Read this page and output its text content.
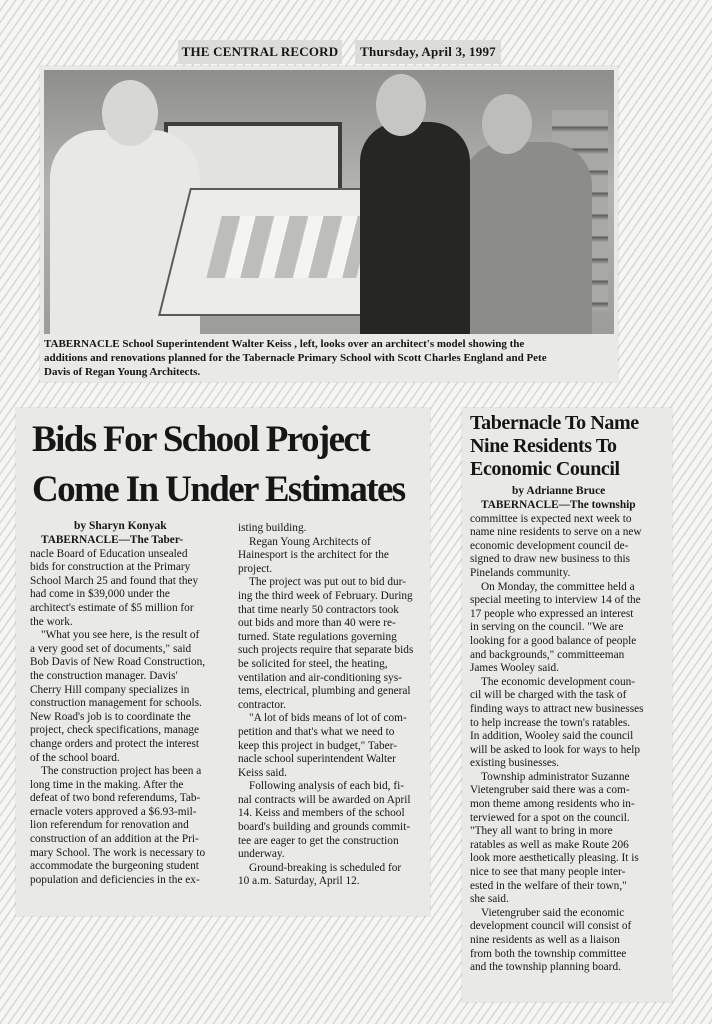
THE CENTRAL RECORD	Thursday, April 3, 1997
TABERNACLE School Superintendent Walter Keiss , left, looks over an architect's model showing the
additions and renovations planned for the Tabernacle Primary School with Scott Charles England and Pete
Davis of Regan Young Architects.
Bids For School Project
Come In Under Estimates
by Sharyn Konyak
TABERNACLE—The Taber-
nacle Board of Education unsealed
bids for construction at the Primary
School March 25 and found that they
had come in $39,000 under the
architect's estimate of $5 million for
the work.
"What you see here, is the result of
a very good set of documents," said
Bob Davis of New Road Construction,
the construction manager. Davis'
Cherry Hill company specializes in
construction management for schools.
New Road's job is to coordinate the
project, check specifications, manage
change orders and protect the interest
of the school board.
The construction project has been a
long time in the making. After the
defeat of two bond referendums, Tab-
ernacle voters approved a $6.93-mil-
lion referendum for renovation and
construction of an addition at the Pri-
mary School. The work is necessary to
accommodate the burgeoning student
population and deficiencies in the ex-
isting building.
Regan Young Architects of
Hainesport is the architect for the
project.
The project was put out to bid dur-
ing the third week of February. During
that time nearly 50 contractors took
out bids and more than 40 were re-
turned. State regulations governing
such projects require that separate bids
be solicited for steel, the heating,
ventilation and air-conditioning sys-
tems, electrical, plumbing and general
contractor.
"A lot of bids means of lot of com-
petition and that's what we need to
keep this project in budget," Taber-
nacle school superintendent Walter
Keiss said.
Following analysis of each bid, fi-
nal contracts will be awarded on April
14. Keiss and members of the school
board's building and grounds commit-
tee are eager to get the construction
underway.
Ground-breaking is scheduled for
10 a.m. Saturday, April 12.
Tabernacle To Name
Nine Residents To
Economic Council
by Adrianne Bruce
TABERNACLE—The township
committee is expected next week to
name nine residents to serve on a new
economic development council de-
signed to draw new business to this
Pinelands community.
On Monday, the committee held a
special meeting to interview 14 of the
17 people who expressed an interest
in serving on the council. "We are
looking for a good balance of people
and backgrounds," committeeman
James Wooley said.
The economic development coun-
cil will be charged with the task of
finding ways to attract new businesses
to help increase the town's ratables.
In addition, Wooley said the council
will be asked to look for ways to help
existing businesses.
Township administrator Suzanne
Vietengruber said there was a com-
mon theme among residents who in-
terviewed for a spot on the council.
"They all want to bring in more
ratables as well as make Route 206
look more aesthetically pleasing. It is
nice to see that many people inter-
ested in the welfare of their town,"
she said.
Vietengruber said the economic
development council will consist of
nine residents as well as a liaison
from both the township committee
and the township planning board.
